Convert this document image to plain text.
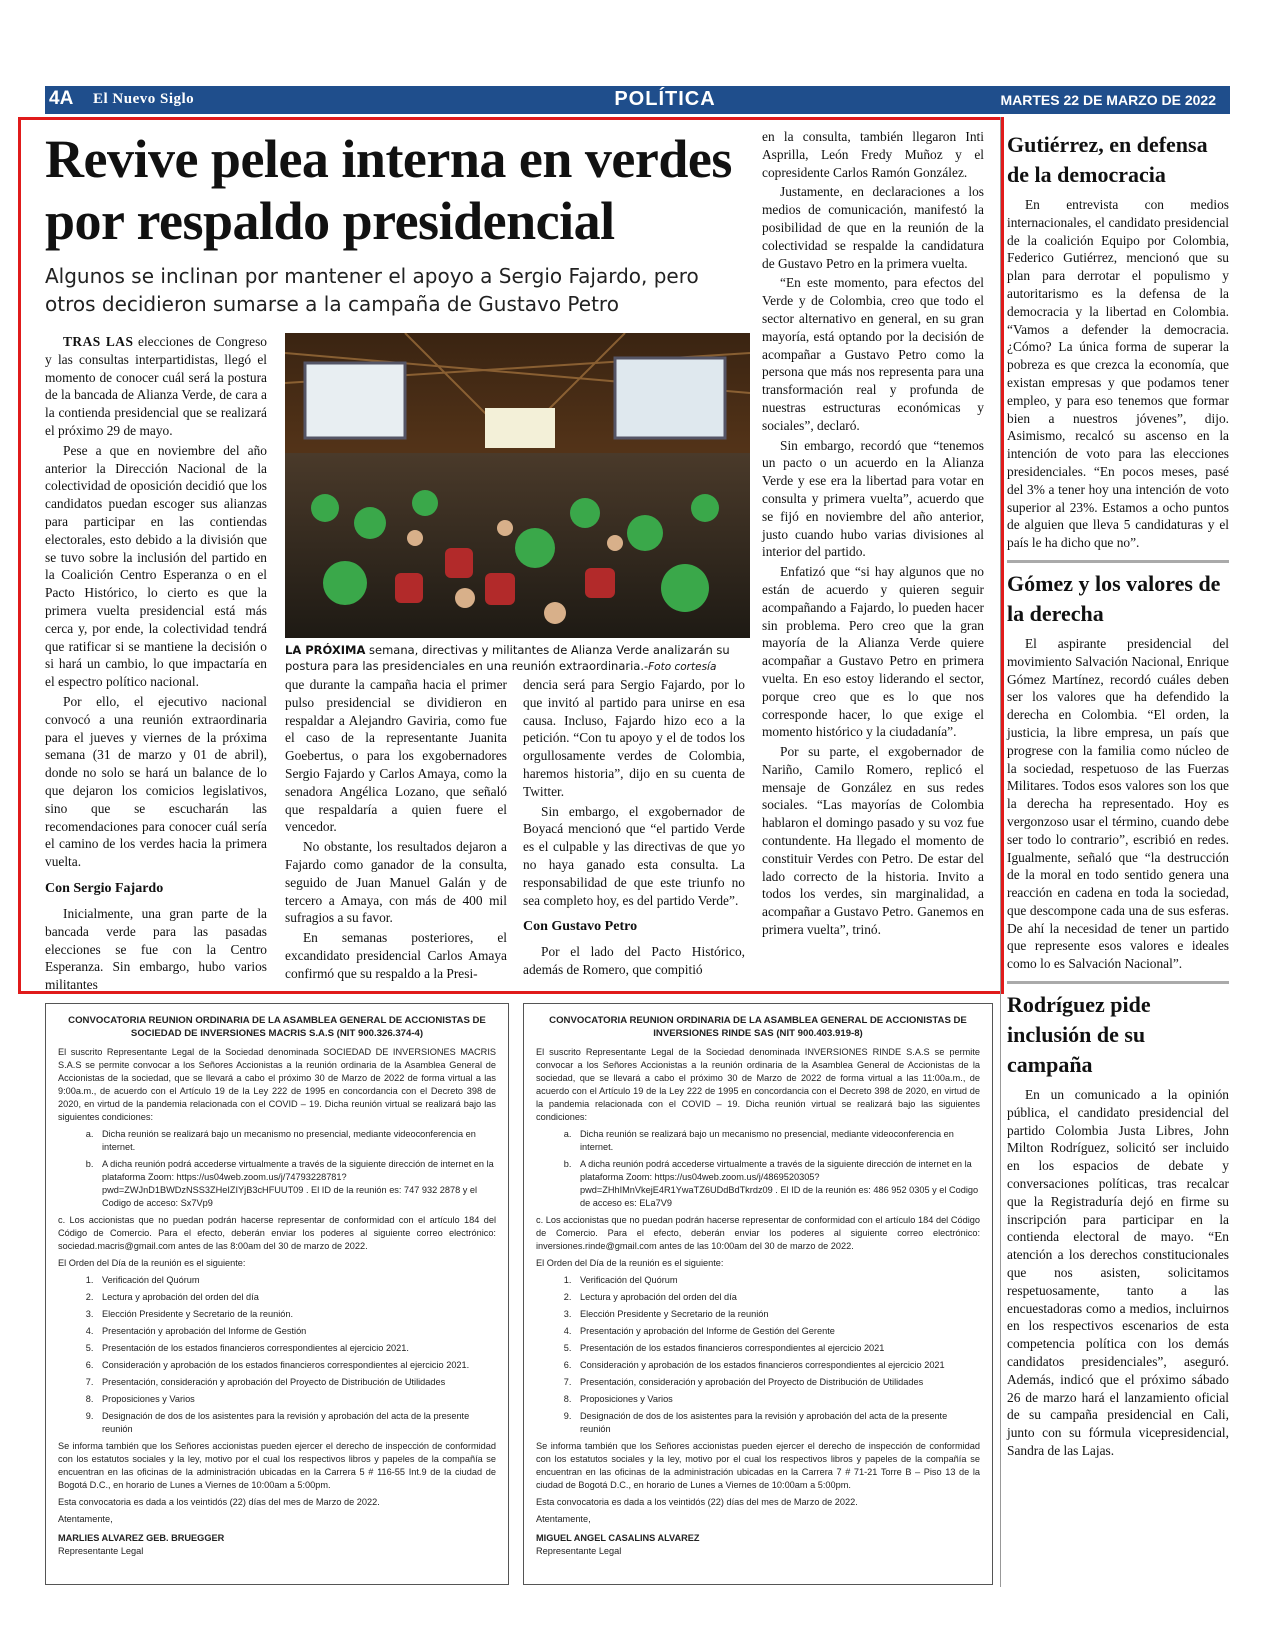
4A El Nuevo Siglo	POLÍTICA	MARTES 22 DE MARZO DE 2022
Revive pelea interna en verdes por respaldo presidencial
Algunos se inclinan por mantener el apoyo a Sergio Fajardo, pero otros decidieron sumarse a la campaña de Gustavo Petro

TRAS LAS elecciones de Congreso y las consultas interpartidistas, llegó el momento de conocer cuál será la postura de la bancada de Alianza Verde, de cara a la contienda presidencial que se realizará el próximo 29 de mayo.

Pese a que en noviembre del año anterior la Dirección Nacional de la colectividad de oposición decidió que los candidatos puedan escoger sus alianzas para participar en las contiendas electorales, esto debido a la división que se tuvo sobre la inclusión del partido en la Coalición Centro Esperanza o en el Pacto Histórico, lo cierto es que la primera vuelta presidencial está más cerca y, por ende, la colectividad tendrá que ratificar si se mantiene la decisión o si hará un cambio, lo que impactaría en el espectro político nacional.

Por ello, el ejecutivo nacional convocó a una reunión extraordinaria para el jueves y viernes de la próxima semana (31 de marzo y 01 de abril), donde no solo se hará un balance de lo que dejaron los comicios legislativos, sino que se escucharán las recomendaciones para conocer cuál sería el camino de los verdes hacia la primera vuelta.

Con Sergio Fajardo

Inicialmente, una gran parte de la bancada verde para las pasadas elecciones se fue con la Centro Esperanza. Sin embargo, hubo varios militantes

LA PRÓXIMA semana, directivas y militantes de Alianza Verde analizarán su postura para las presidenciales en una reunión extraordinaria.-Foto cortesía

que durante la campaña hacia el primer pulso presidencial se dividieron en respaldar a Alejandro Gaviria, como fue el caso de la representante Juanita Goebertus, o para los exgobernadores Sergio Fajardo y Carlos Amaya, como la senadora Angélica Lozano, que señaló que respaldaría a quien fuere el vencedor.

No obstante, los resultados dejaron a Fajardo como ganador de la consulta, seguido de Juan Manuel Galán y de tercero a Amaya, con más de 400 mil sufragios a su favor.

En semanas posteriores, el excandidato presidencial Carlos Amaya confirmó que su respaldo a la Presi-

dencia será para Sergio Fajardo, por lo que invitó al partido para unirse en esa causa. Incluso, Fajardo hizo eco a la petición. “Con tu apoyo y el de todos los orgullosamente verdes de Colombia, haremos historia”, dijo en su cuenta de Twitter.

Sin embargo, el exgobernador de Boyacá mencionó que “el partido Verde es el culpable y las directivas de que yo no haya ganado esta consulta. La responsabilidad de que este triunfo no sea completo hoy, es del partido Verde”.

Con Gustavo Petro

Por el lado del Pacto Histórico, además de Romero, que compitió

en la consulta, también llegaron Inti Asprilla, León Fredy Muñoz y el copresidente Carlos Ramón González.

Justamente, en declaraciones a los medios de comunicación, manifestó la posibilidad de que en la reunión de la colectividad se respalde la candidatura de Gustavo Petro en la primera vuelta.

“En este momento, para efectos del Verde y de Colombia, creo que todo el sector alternativo en general, en su gran mayoría, está optando por la decisión de acompañar a Gustavo Petro como la persona que más nos representa para una transformación real y profunda de nuestras estructuras económicas y sociales”, declaró.

Sin embargo, recordó que “tenemos un pacto o un acuerdo en la Alianza Verde y ese era la libertad para votar en consulta y primera vuelta”, acuerdo que se fijó en noviembre del año anterior, justo cuando hubo varias divisiones al interior del partido.

Enfatizó que “si hay algunos que no están de acuerdo y quieren seguir acompañando a Fajardo, lo pueden hacer sin problema. Pero creo que la gran mayoría de la Alianza Verde quiere acompañar a Gustavo Petro en primera vuelta. En eso estoy liderando el sector, porque creo que es lo que nos corresponde hacer, lo que exige el momento histórico y la ciudadanía”.

Por su parte, el exgobernador de Nariño, Camilo Romero, replicó el mensaje de González en sus redes sociales. “Las mayorías de Colombia hablaron el domingo pasado y su voz fue contundente. Ha llegado el momento de constituir Verdes con Petro. De estar del lado correcto de la historia. Invito a todos los verdes, sin marginalidad, a acompañar a Gustavo Petro. Ganemos en primera vuelta”, trinó.

Gutiérrez, en defensa de la democracia

En entrevista con medios internacionales, el candidato presidencial de la coalición Equipo por Colombia, Federico Gutiérrez, mencionó que su plan para derrotar el populismo y autoritarismo es la defensa de la democracia y la libertad en Colombia. “Vamos a defender la democracia. ¿Cómo? La única forma de superar la pobreza es que crezca la economía, que existan empresas y que podamos tener empleo, y para eso tenemos que formar bien a nuestros jóvenes”, dijo. Asimismo, recalcó su ascenso en la intención de voto para las elecciones presidenciales. “En pocos meses, pasé del 3% a tener hoy una intención de voto superior al 23%. Estamos a ocho puntos de alguien que lleva 5 candidaturas y el país le ha dicho que no”.

Gómez y los valores de la derecha

El aspirante presidencial del movimiento Salvación Nacional, Enrique Gómez Martínez, recordó cuáles deben ser los valores que ha defendido la derecha en Colombia. “El orden, la justicia, la libre empresa, un país que progrese con la familia como núcleo de la sociedad, respetuoso de las Fuerzas Militares. Todos esos valores son los que la derecha ha representado. Hoy es vergonzoso usar el término, cuando debe ser todo lo contrario”, escribió en redes. Igualmente, señaló que “la destrucción de la moral en todo sentido genera una reacción en cadena en toda la sociedad, que descompone cada una de sus esferas. De ahí la necesidad de tener un partido que represente esos valores e ideales como lo es Salvación Nacional”.

Rodríguez pide inclusión de su campaña

En un comunicado a la opinión pública, el candidato presidencial del partido Colombia Justa Libres, John Milton Rodríguez, solicitó ser incluido en los espacios de debate y conversaciones políticas, tras recalcar que la Registraduría dejó en firme su inscripción para participar en la contienda electoral de mayo. “En atención a los derechos constitucionales que nos asisten, solicitamos respetuosamente, tanto a las encuestadoras como a medios, incluirnos en los respectivos escenarios de esta competencia política con los demás candidatos presidenciales”, aseguró. Además, indicó que el próximo sábado 26 de marzo hará el lanzamiento oficial de su campaña presidencial en Cali, junto con su fórmula vicepresidencial, Sandra de las Lajas.

CONVOCATORIA REUNION ORDINARIA DE LA ASAMBLEA GENERAL DE ACCIONISTAS DE SOCIEDAD DE INVERSIONES MACRIS S.A.S (NIT 900.326.374-4)

El suscrito Representante Legal de la Sociedad denominada SOCIEDAD DE INVERSIONES MACRIS S.A.S se permite convocar a los Señores Accionistas a la reunión ordinaria de la Asamblea General de Accionistas de la sociedad, que se llevará a cabo el próximo 30 de Marzo de 2022 de forma virtual a las 9:00a.m., de acuerdo con el Artículo 19 de la Ley 222 de 1995 en concordancia con el Decreto 398 de 2020, en virtud de la pandemia relacionada con el COVID – 19. Dicha reunión virtual se realizará bajo las siguientes condiciones:

a. Dicha reunión se realizará bajo un mecanismo no presencial, mediante videoconferencia en internet.
b. A dicha reunión podrá accederse virtualmente a través de la siguiente dirección de internet en la plataforma Zoom: https://us04web.zoom.us/j/74793228781?pwd=ZWJnD1BWDzNSS3ZHeIZIYjB3cHFUUT09 . El ID de la reunión es: 747 932 2878 y el Codigo de acceso: Sx7Vp9

c. Los accionistas que no puedan podrán hacerse representar de conformidad con el artículo 184 del Código de Comercio. Para el efecto, deberán enviar los poderes al siguiente correo electrónico: sociedad.macris@gmail.com antes de las 8:00am del 30 de marzo de 2022.

El Orden del Día de la reunión es el siguiente:

1. Verificación del Quórum
2. Lectura y aprobación del orden del día
3. Elección Presidente y Secretario de la reunión.
4. Presentación y aprobación del Informe de Gestión
5. Presentación de los estados financieros correspondientes al ejercicio 2021.
6. Consideración y aprobación de los estados financieros correspondientes al ejercicio 2021.
7. Presentación, consideración y aprobación del Proyecto de Distribución de Utilidades
8. Proposiciones y Varios
9. Designación de dos de los asistentes para la revisión y aprobación del acta de la presente reunión

Se informa también que los Señores accionistas pueden ejercer el derecho de inspección de conformidad con los estatutos sociales y la ley, motivo por el cual los respectivos libros y papeles de la compañía se encuentran en las oficinas de la administración ubicadas en la Carrera 5 # 116-55 Int.9 de la ciudad de Bogotá D.C., en horario de Lunes a Viernes de 10:00am a 5:00pm.

Esta convocatoria es dada a los veintidós (22) días del mes de Marzo de 2022.

Atentamente,

MARLIES ALVAREZ GEB. BRUEGGER
Representante Legal
CONVOCATORIA REUNION ORDINARIA DE LA ASAMBLEA GENERAL DE ACCIONISTAS DE INVERSIONES RINDE SAS (NIT 900.403.919-8)

El suscrito Representante Legal de la Sociedad denominada INVERSIONES RINDE S.A.S se permite convocar a los Señores Accionistas a la reunión ordinaria de la Asamblea General de Accionistas de la sociedad, que se llevará a cabo el próximo 30 de Marzo de 2022 de forma virtual a las 11:00a.m., de acuerdo con el Artículo 19 de la Ley 222 de 1995 en concordancia con el Decreto 398 de 2020, en virtud de la pandemia relacionada con el COVID – 19. Dicha reunión virtual se realizará bajo las siguientes condiciones:

a. Dicha reunión se realizará bajo un mecanismo no presencial, mediante videoconferencia en internet.
b. A dicha reunión podrá accederse virtualmente a través de la siguiente dirección de internet en la plataforma Zoom: https://us04web.zoom.us/j/4869520305?pwd=ZHhIMnVkejE4R1YwaTZ6UDdBdTkrdz09 . El ID de la reunión es: 486 952 0305 y el Codigo de acceso es: ELa7V9

c. Los accionistas que no puedan podrán hacerse representar de conformidad con el artículo 184 del Código de Comercio. Para el efecto, deberán enviar los poderes al siguiente correo electrónico: inversiones.rinde@gmail.com antes de las 10:00am del 30 de marzo de 2022.

El Orden del Día de la reunión es el siguiente:

1. Verificación del Quórum
2. Lectura y aprobación del orden del día
3. Elección Presidente y Secretario de la reunión
4. Presentación y aprobación del Informe de Gestión del Gerente
5. Presentación de los estados financieros correspondientes al ejercicio 2021
6. Consideración y aprobación de los estados financieros correspondientes al ejercicio 2021
7. Presentación, consideración y aprobación del Proyecto de Distribución de Utilidades
8. Proposiciones y Varios
9. Designación de dos de los asistentes para la revisión y aprobación del acta de la presente reunión

Se informa también que los Señores accionistas pueden ejercer el derecho de inspección de conformidad con los estatutos sociales y la ley, motivo por el cual los respectivos libros y papeles de la compañía se encuentran en las oficinas de la administración ubicadas en la Carrera 7 # 71-21 Torre B – Piso 13 de la ciudad de Bogotá D.C., en horario de Lunes a Viernes de 10:00am a 5:00pm.

Esta convocatoria es dada a los veintidós (22) días del mes de Marzo de 2022.

Atentamente,

MIGUEL ANGEL CASALINS ALVAREZ
Representante Legal
